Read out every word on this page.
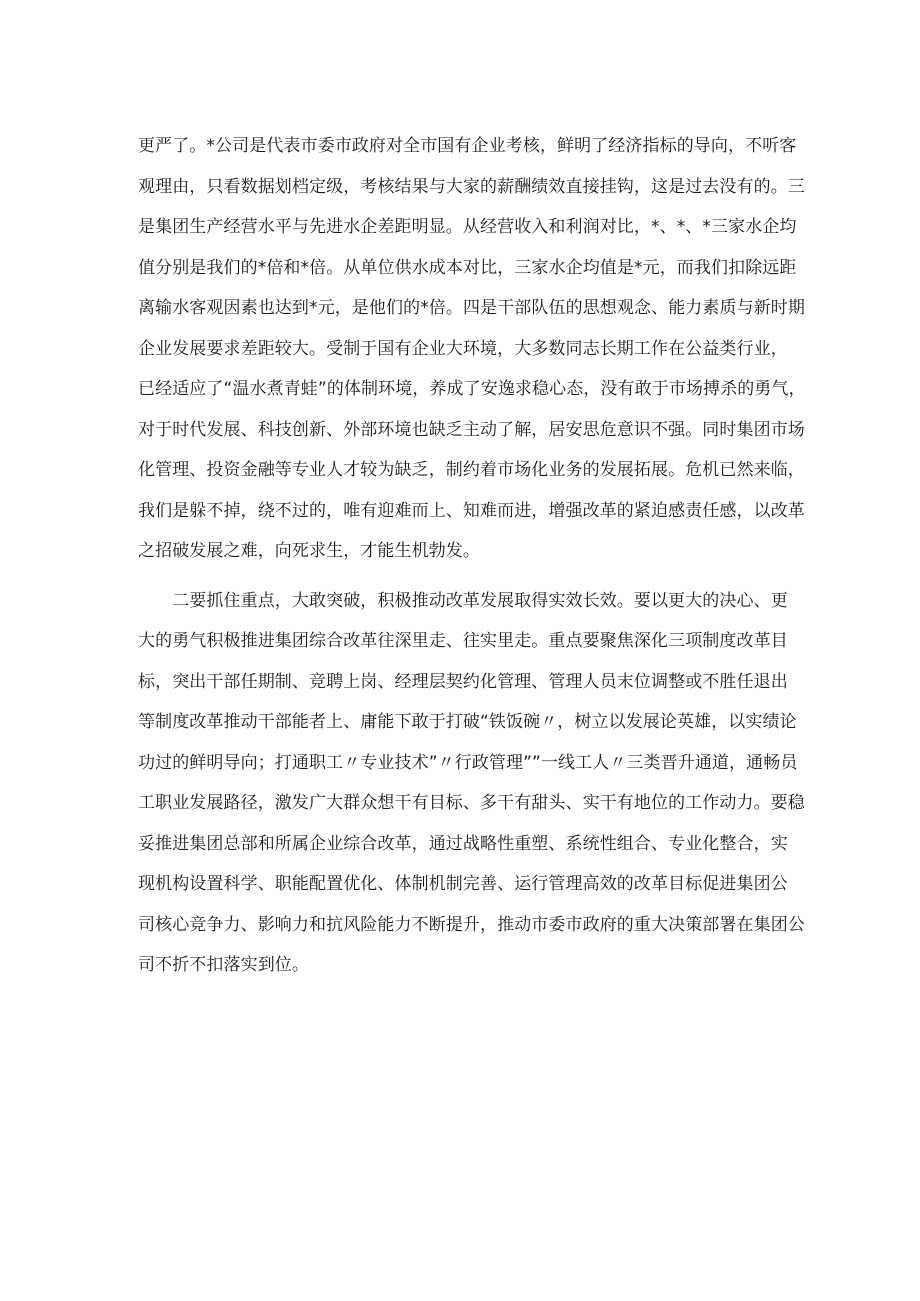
更严了。*公司是代表市委市政府对全市国有企业考核，鲜明了经济指标的导向，不听客
观理由，只看数据划档定级，考核结果与大家的薪酬绩效直接挂钩，这是过去没有的。三
是集团生产经营水平与先进水企差距明显。从经营收入和利润对比，*、*、*三家水企均
值分别是我们的*倍和*倍。从单位供水成本对比，三家水企均值是*元，而我们扣除远距
离输水客观因素也达到*元，是他们的*倍。四是干部队伍的思想观念、能力素质与新时期
企业发展要求差距较大。受制于国有企业大环境，大多数同志长期工作在公益类行业，
已经适应了“温水煮青蛙”的体制环境，养成了安逸求稳心态，没有敢于市场搏杀的勇气，
对于时代发展、科技创新、外部环境也缺乏主动了解，居安思危意识不强。同时集团市场
化管理、投资金融等专业人才较为缺乏，制约着市场化业务的发展拓展。危机已然来临，
我们是躲不掉，绕不过的，唯有迎难而上、知难而进，增强改革的紧迫感责任感，以改革
之招破发展之难，向死求生，才能生机勃发。
　　二要抓住重点，大敢突破，积极推动改革发展取得实效长效。要以更大的决心、更
大的勇气积极推进集团综合改革往深里走、往实里走。重点要聚焦深化三项制度改革目
标，突出干部任期制、竞聘上岗、经理层契约化管理、管理人员末位调整或不胜任退出
等制度改革推动干部能者上、庸能下敢于打破“铁饭碗〃，树立以发展论英雄，以实绩论
功过的鲜明导向；打通职工〃专业技术”〃行政管理””一线工人〃三类晋升通道，通畅员
工职业发展路径，激发广大群众想干有目标、多干有甜头、实干有地位的工作动力。要稳
妥推进集团总部和所属企业综合改革，通过战略性重塑、系统性组合、专业化整合，实
现机构设置科学、职能配置优化、体制机制完善、运行管理高效的改革目标促进集团公
司核心竞争力、影响力和抗风险能力不断提升，推动市委市政府的重大决策部署在集团公
司不折不扣落实到位。
